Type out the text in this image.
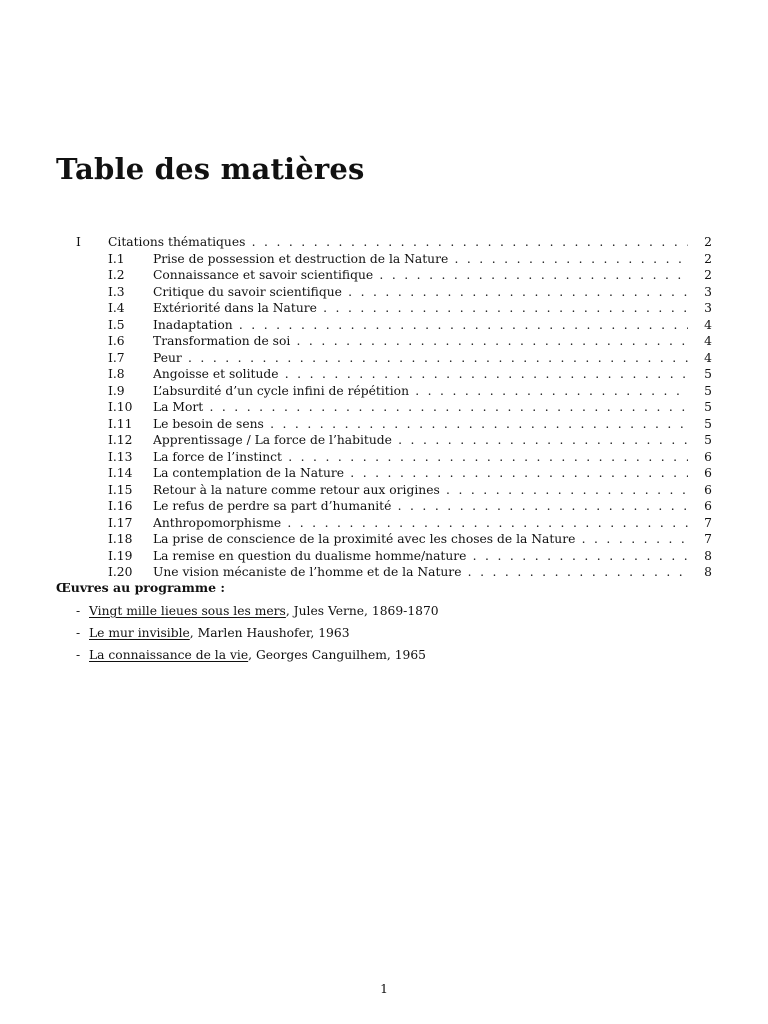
Table des matières
I Citations thématiques . . .	2
I.1 Prise de possession et destruction de la Nature . . .	2
I.2 Connaissance et savoir scientifique . . .	2
I.3 Critique du savoir scientifique . . .	3
I.4 Extériorité dans la Nature . . .	3
I.5 Inadaptation . . .	4
I.6 Transformation de soi . . .	4
I.7 Peur . . .	4
I.8 Angoisse et solitude . . .	5
I.9 L’absurdité d’un cycle infini de répétition . . .	5
I.10 La Mort . . .	5
I.11 Le besoin de sens . . .	5
I.12 Apprentissage / La force de l’habitude . . .	5
I.13 La force de l’instinct . . .	6
I.14 La contemplation de la Nature . . .	6
I.15 Retour à la nature comme retour aux origines . . .	6
I.16 Le refus de perdre sa part d’humanité . . .	6
I.17 Anthropomorphisme . . .	7
I.18 La prise de conscience de la proximité avec les choses de la Nature . . .	7
I.19 La remise en question du dualisme homme/nature . . .	8
I.20 Une vision mécaniste de l’homme et de la Nature . . .	8
Œuvres au programme :
- Vingt mille lieues sous les mers, Jules Verne, 1869-1870
- Le mur invisible, Marlen Haushofer, 1963
- La connaissance de la vie, Georges Canguilhem, 1965
1
